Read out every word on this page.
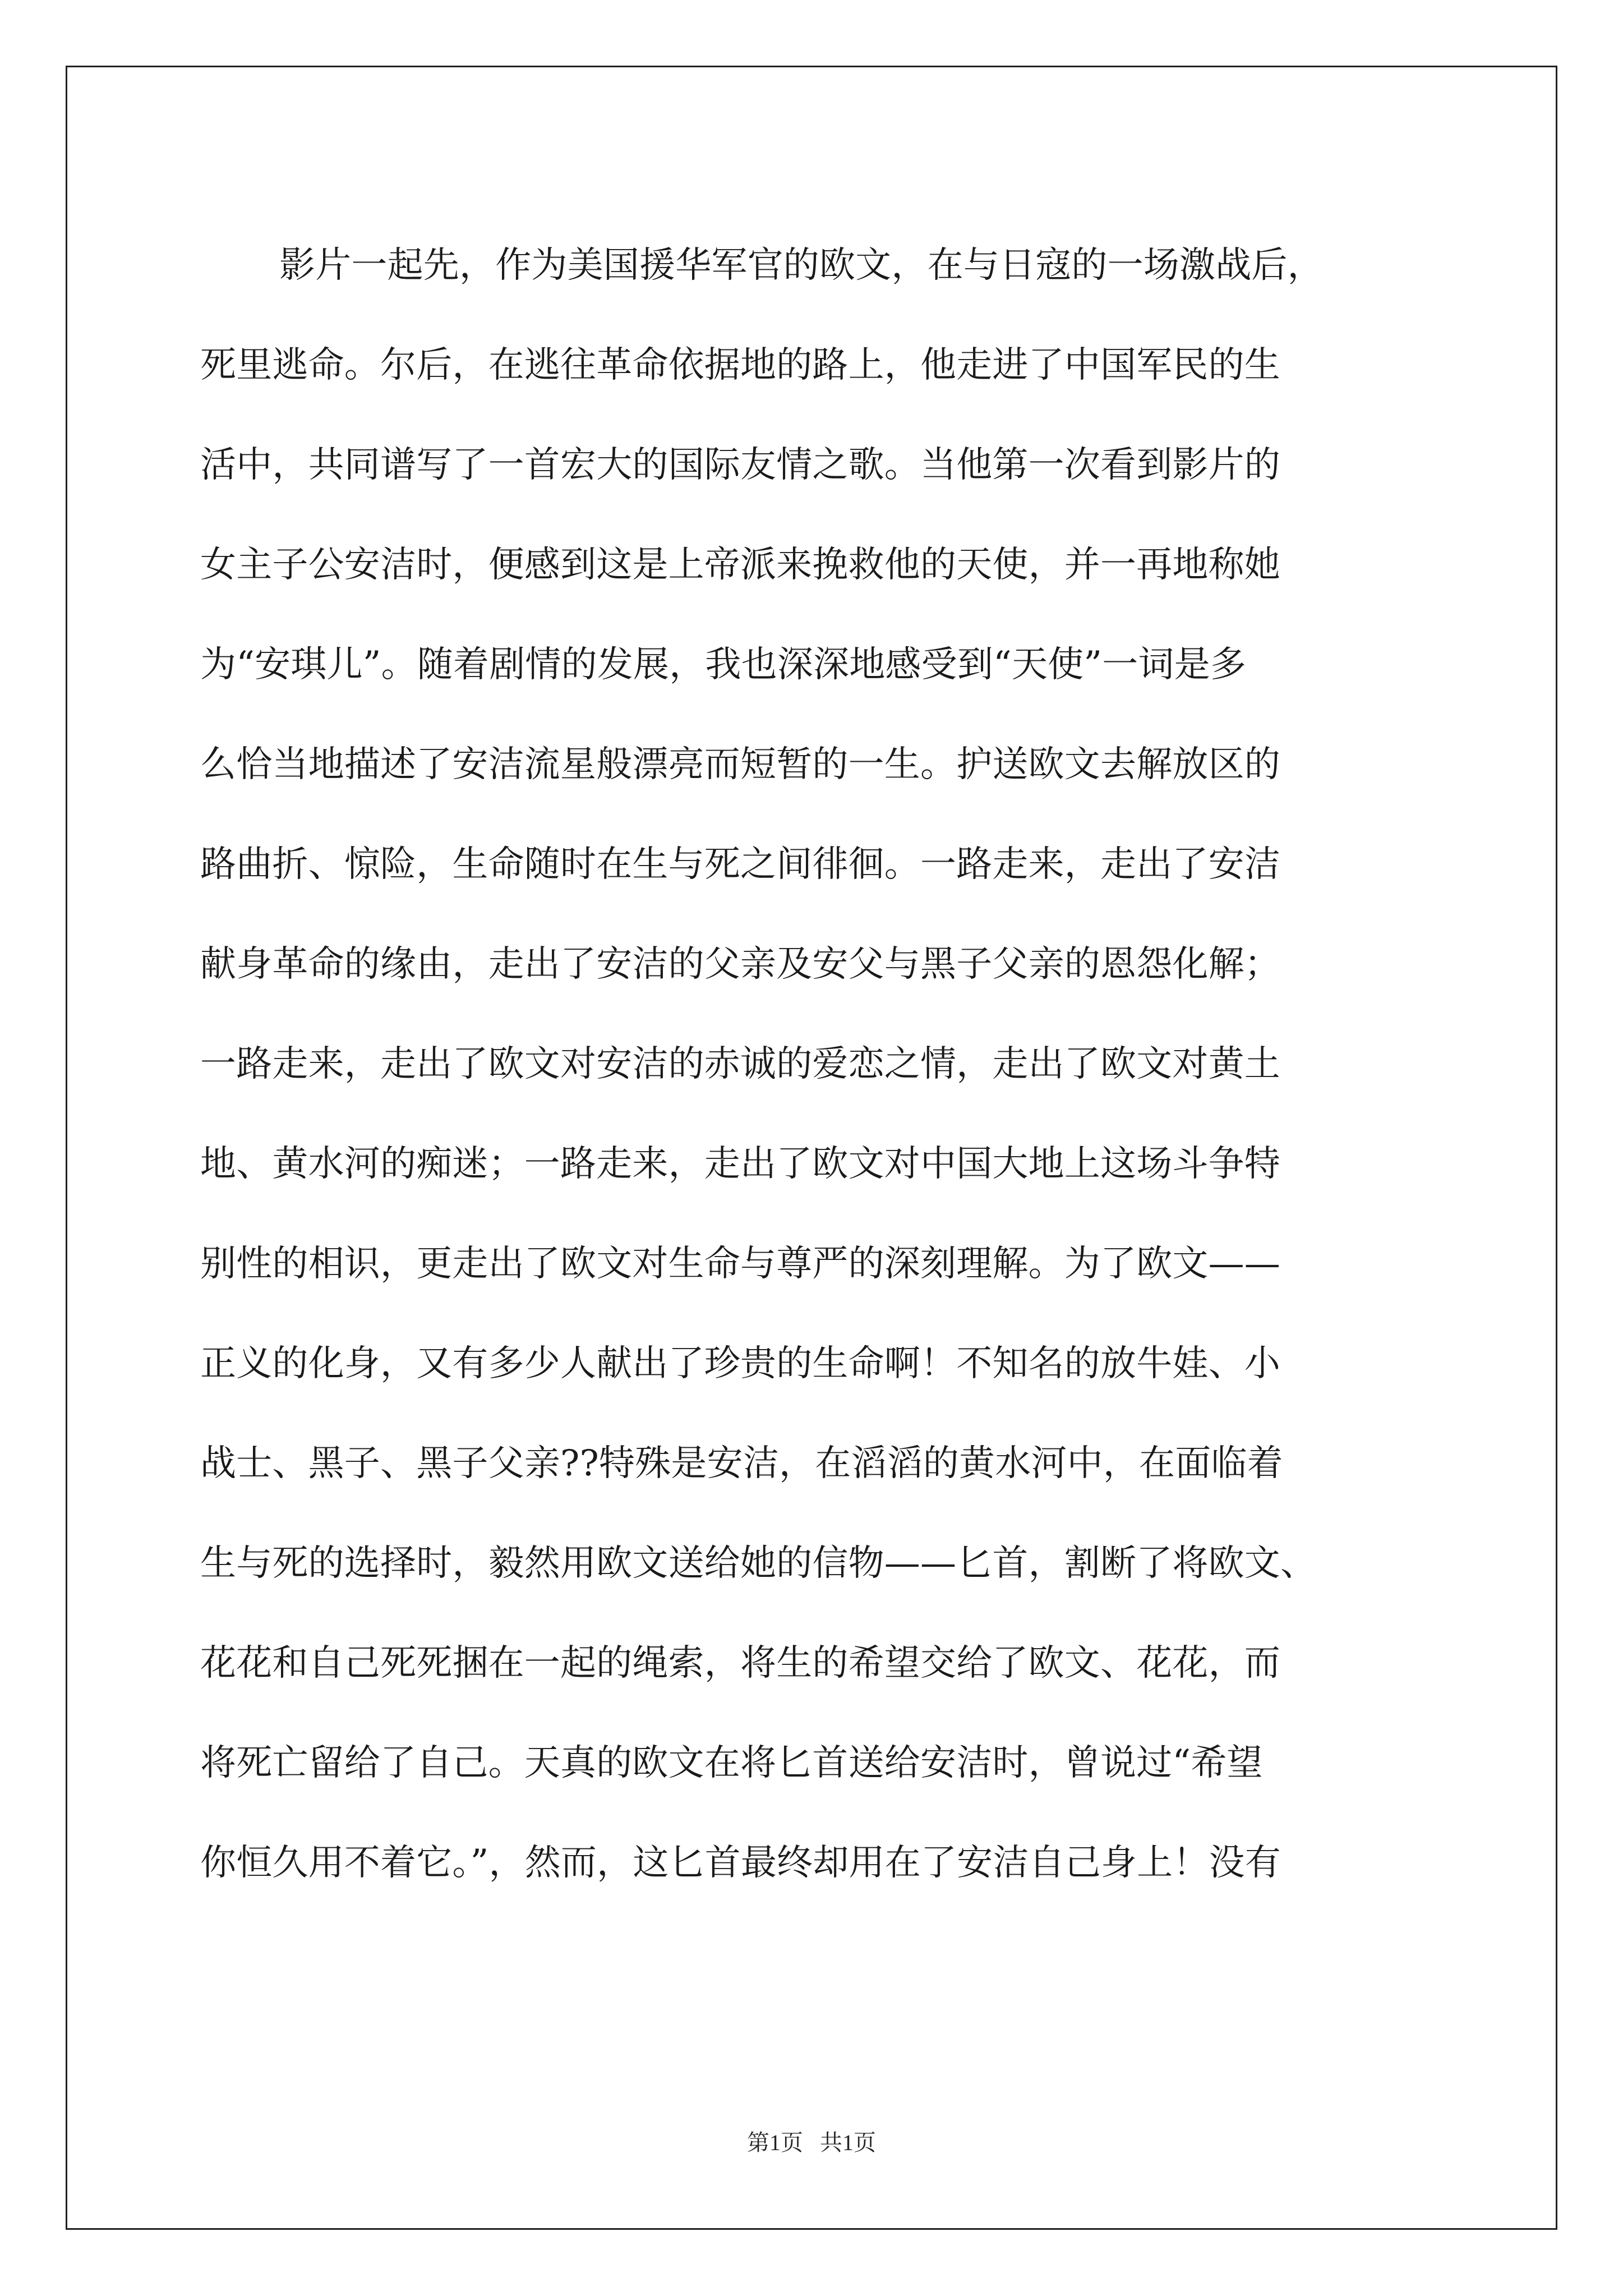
影片一起先，作为美国援华军官的欧文，在与日寇的一场激战后，
死里逃命。尔后，在逃往革命依据地的路上，他走进了中国军民的生
活中，共同谱写了一首宏大的国际友情之歌。当他第一次看到影片的
女主子公安洁时，便感到这是上帝派来挽救他的天使，并一再地称她
为“安琪儿”。随着剧情的发展，我也深深地感受到“天使”一词是多
么恰当地描述了安洁流星般漂亮而短暂的一生。护送欧文去解放区的
路曲折、惊险，生命随时在生与死之间徘徊。一路走来，走出了安洁
献身革命的缘由，走出了安洁的父亲及安父与黑子父亲的恩怨化解；
一路走来，走出了欧文对安洁的赤诚的爱恋之情，走出了欧文对黄土
地、黄水河的痴迷；一路走来，走出了欧文对中国大地上这场斗争特
别性的相识，更走出了欧文对生命与尊严的深刻理解。为了欧文——
正义的化身，又有多少人献出了珍贵的生命啊！不知名的放牛娃、小
战士、黑子、黑子父亲??特殊是安洁，在滔滔的黄水河中，在面临着
生与死的选择时，毅然用欧文送给她的信物——匕首，割断了将欧文、
花花和自己死死捆在一起的绳索，将生的希望交给了欧文、花花，而
将死亡留给了自己。天真的欧文在将匕首送给安洁时，曾说过“希望
你恒久用不着它。”，然而，这匕首最终却用在了安洁自己身上！没有
第1页   共1页
